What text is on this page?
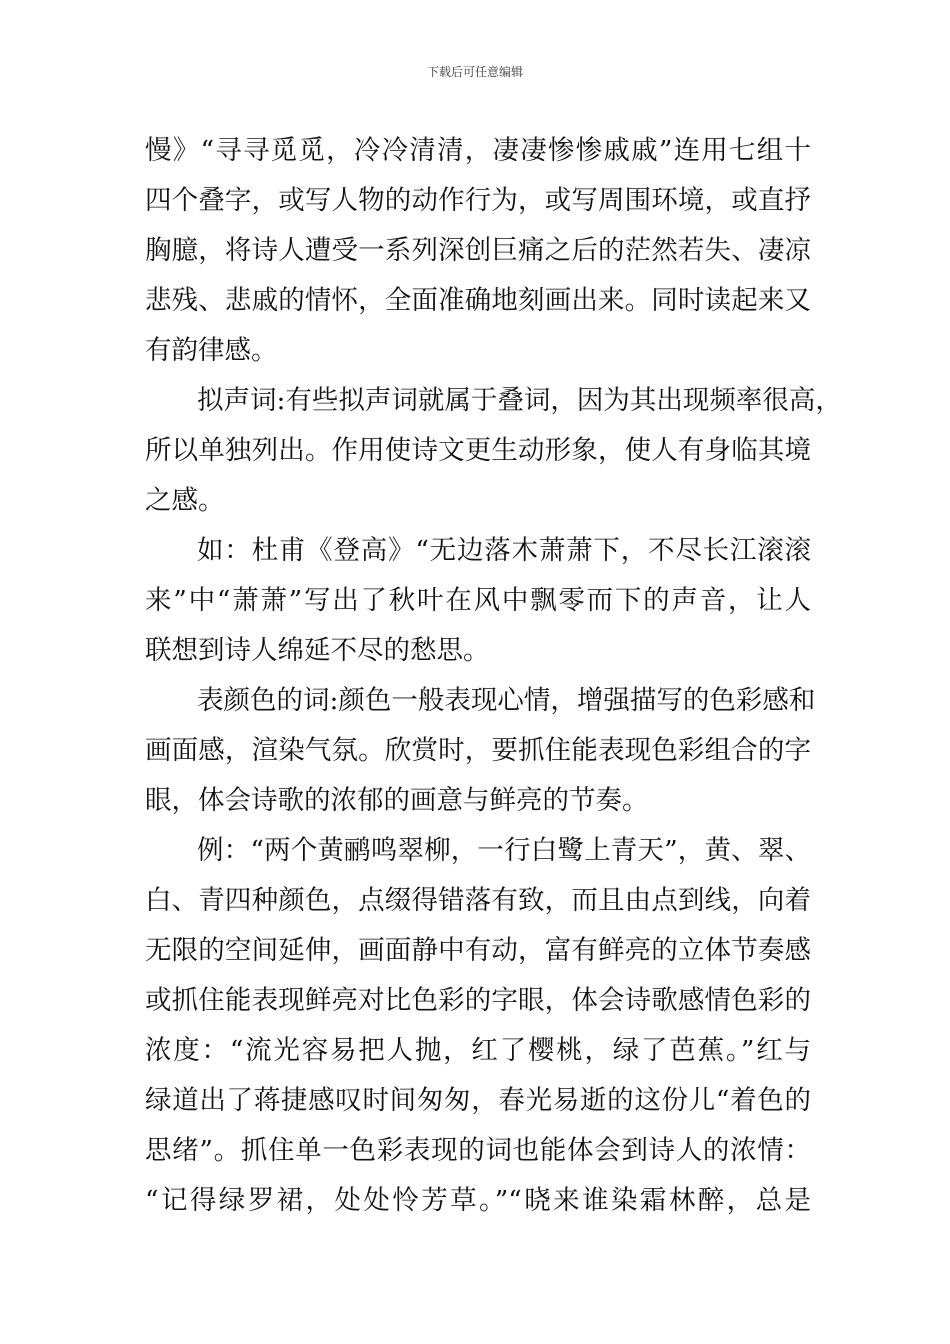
下载后可任意编辑
慢》“寻寻觅觅，冷冷清清，凄凄惨惨戚戚”连用七组十
四个叠字，或写人物的动作行为，或写周围环境，或直抒
胸臆，将诗人遭受一系列深创巨痛之后的茫然若失、凄凉
悲残、悲戚的情怀，全面准确地刻画出来。同时读起来又
有韵律感。
拟声词:有些拟声词就属于叠词，因为其出现频率很高，
所以单独列出。作用使诗文更生动形象，使人有身临其境
之感。
如：杜甫《登高》“无边落木萧萧下，不尽长江滚滚
来”中“萧萧”写出了秋叶在风中飘零而下的声音，让人
联想到诗人绵延不尽的愁思。
表颜色的词:颜色一般表现心情，增强描写的色彩感和
画面感，渲染气氛。欣赏时，要抓住能表现色彩组合的字
眼，体会诗歌的浓郁的画意与鲜亮的节奏。
例：“两个黄鹂鸣翠柳，一行白鹭上青天”，黄、翠、
白、青四种颜色，点缀得错落有致，而且由点到线，向着
无限的空间延伸，画面静中有动，富有鲜亮的立体节奏感
或抓住能表现鲜亮对比色彩的字眼，体会诗歌感情色彩的
浓度：“流光容易把人抛，红了樱桃，绿了芭蕉。”红与
绿道出了蒋捷感叹时间匆匆，春光易逝的这份儿“着色的
思绪”。抓住单一色彩表现的词也能体会到诗人的浓情：
“记得绿罗裙，处处怜芳草。”“晓来谁染霜林醉，总是
